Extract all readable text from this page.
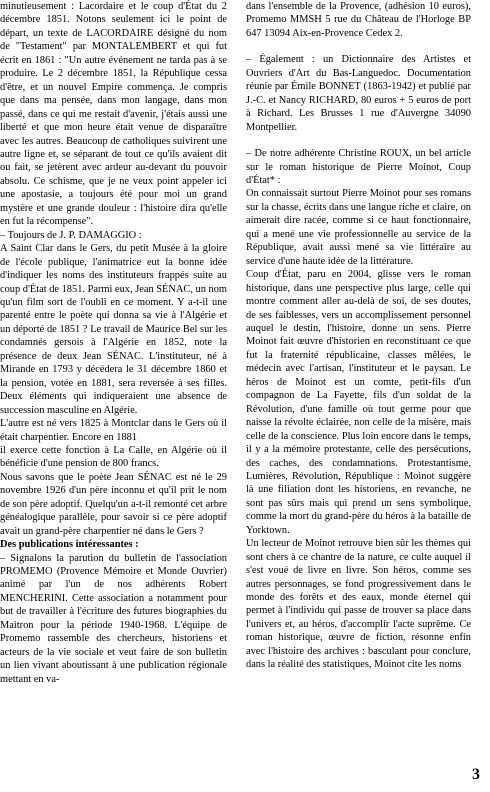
minutieusement : Lacordaire et le coup d'État du 2 décembre 1851. Notons seulement ici le point de départ, un texte de LACORDAIRE désigné du nom de "Testament" par MONTALEMBERT et qui fut écrit en 1861 : "Un autre événement ne tarda pas à se produire. Le 2 décembre 1851, la République cessa d'être, et un nouvel Empire commença. Je compris que dans ma pensée, dans mon langage, dans mon passé, dans ce qui me restait d'avenir, j'étais aussi une liberté et que mon heure était venue de disparaître avec les autres. Beaucoup de catholiques suivirent une autre ligne et, se séparant de tout ce qu'ils avaient dit ou fait, se jetèrent avec ardeur au-devant du pouvoir absolu. Ce schisme, que je ne veux point appeler ici une apostasie, a toujours été pour moi un grand mystère et une grande douleur : l'histoire dira qu'elle en fut la récompense".

– Toujours de J. P. DAMAGGIO :

A Saint Clar dans le Gers, du petit Musée à la gloire de l'école publique, l'animatrice eut la bonne idée d'indiquer les noms des instituteurs frappés suite au coup d'État de 1851. Parmi eux, Jean SÉNAC, un nom qu'un film sort de l'oubli en ce moment. Y a-t-il une parenté entre le poète qui donna sa vie à l'Algérie et un déporté de 1851 ? Le travail de Maurice Bel sur les condamnés gersois à l'Algérie en 1852, note la présence de deux Jean SÉNAC. L'instituteur, né à Mirande en 1793 y décédera le 31 décembre 1860 et la pension, votée en 1881, sera reversée à ses filles. Deux éléments qui indiqueraient une absence de succession masculine en Algérie.

L'autre est né vers 1825 à Montclar dans le Gers où il était charpentier. Encore en 1881

il exerce cette fonction à La Calle, en Algérie où il bénéficie d'une pension de 800 francs.

Nous savons que le poète Jean SÉNAC est né le 29 novembre 1926 d'un père inconnu et qu'il prit le nom de son père adoptif. Quelqu'un a-t-il remonté cet arbre généalogique parallèle, pour savoir si ce père adoptif avait un grand-père charpentier né dans le Gers ?

Des publications intéressantes :

– Signalons la parution du bulletin de l'association PROMEMO (Provence Mémoire et Monde Ouvrier) animé par l'un de nos adhérents Robert MENCHERINI. Cette association a notamment pour but de travailler à l'écriture des futures biographies du Maitron pour la période 1940-1968. L'équipe de Promemo rassemble des chercheurs, historiens et acteurs de la vie sociale et veut faire de son bulletin un lien vivant aboutissant à une publication régionale mettant en va-

dans l'ensemble de la Provence, (adhésion 10 euros), Promemo MMSH 5 rue du Château de l'Horloge BP 647 13094 Aix-en-Provence Cedex 2.

– Également : un Dictionnaire des Artistes et Ouvriers d'Art du Bas-Languedoc. Documentation réunie par Émile BONNET (1863-1942) et publié par J.-C. et Nancy RICHARD, 80 euros + 5 euros de port à Richard. Les Brusses 1 rue d'Auvergne 34090 Montpellier.

– De notre adhérente Christine ROUX, un bel article sur le roman historique de Pierre Moinot, Coup d'État* :

On connaissait surtout Pierre Moinot pour ses romans sur la chasse, écrits dans une langue riche et claire, on aimerait dire racée, comme si ce haut fonctionnaire, qui a mené une vie professionnelle au service de la République, avait aussi mené sa vie littéraire au service d'une haute idée de la littérature.

Coup d'État, paru en 2004, glisse vers le roman historique, dans une perspective plus large, celle qui montre comment aller au-delà de soi, de ses doutes, de ses faiblesses, vers un accomplissement personnel auquel le destin, l'histoire, donne un sens. Pierre Moinot fait œuvre d'historien en reconstituant ce que fut la fraternité républicaine, classes mêlées, le médecin avec l'artisan, l'instituteur et le paysan. Le héros de Moinot est un comte, petit-fils d'un compagnon de La Fayette, fils d'un soldat de la Révolution, d'une famille où tout germe pour que naisse la révolte éclairée, non celle de la misère, mais celle de la conscience. Plus loin encore dans le temps, il y a la mémoire protestante, celle des persécutions, des caches, des condamnations. Protestantisme, Lumières, Révolution, République : Moinot suggère là une filiation dont les historiens, en revanche, ne sont pas sûrs mais qui prend un sens symbolique, comme la mort du grand-père du héros à la bataille de Yorktown.

Un lecteur de Moinot retrouve bien sûr les thèmes qui sont chers à ce chantre de la nature, ce culte auquel il s'est voué de livre en livre. Son héros, comme ses autres personnages, se fond progressivement dans le monde des forêts et des eaux, monde éternel qui permet à l'individu qui passe de trouver sa place dans l'univers et, au héros, d'accomplir l'acte suprême. Ce roman historique, œuvre de fiction, résonne enfin avec l'histoire des archives : basculant pour conclure, dans la réalité des statistiques, Moinot cite les noms

3
